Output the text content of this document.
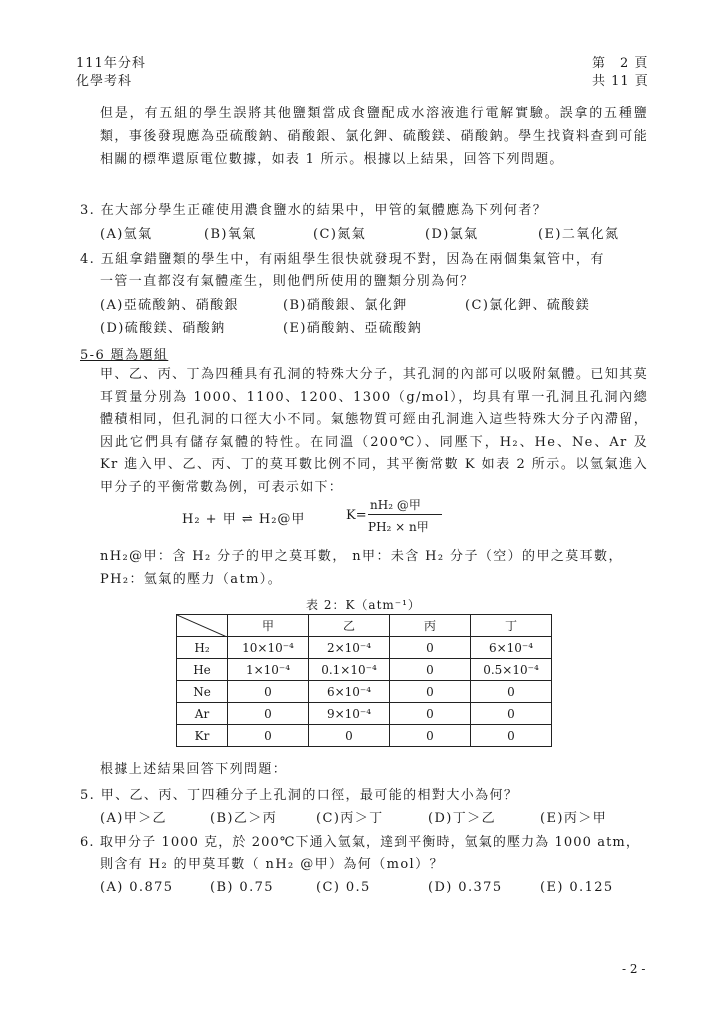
111年分科
化學考科
第　2 頁
共 11 頁
但是，有五組的學生誤將其他鹽類當成食鹽配成水溶液進行電解實驗。誤拿的五種鹽類，事後發現應為亞硫酸鈉、硝酸銀、氯化鉀、硫酸鎂、硝酸鈉。學生找資料查到可能相關的標準還原電位數據，如表 1 所示。根據以上結果，回答下列問題。
3. 在大部分學生正確使用濃食鹽水的結果中，甲管的氣體應為下列何者？
(A)氫氣	(B)氧氣	(C)氮氣	(D)氯氣	(E)二氧化氮
4. 五組拿錯鹽類的學生中，有兩組學生很快就發現不對，因為在兩個集氣管中，有
一管一直都沒有氣體產生，則他們所使用的鹽類分別為何？
(A)亞硫酸鈉、硝酸銀	(B)硝酸銀、氯化鉀	(C)氯化鉀、硫酸鎂
(D)硫酸鎂、硝酸鈉	(E)硝酸鈉、亞硫酸鈉
5-6 題為題組
甲、乙、丙、丁為四種具有孔洞的特殊大分子，其孔洞的內部可以吸附氣體。已知其莫耳質量分別為 1000、1100、1200、1300（g/mol），均具有單一孔洞且孔洞內總體積相同，但孔洞的口徑大小不同。氣態物質可經由孔洞進入這些特殊大分子內滯留，因此它們具有儲存氣體的特性。在同溫（200℃）、同壓下，H₂、He、Ne、Ar 及 Kr 進入甲、乙、丙、丁的莫耳數比例不同，其平衡常數 K 如表 2 所示。以氫氣進入甲分子的平衡常數為例，可表示如下：
H₂ + 甲 ⇌ H₂@甲	K=
nH₂ @甲
PH₂ × n甲
nH₂@甲：含 H₂ 分子的甲之莫耳數， n甲：未含 H₂ 分子（空）的甲之莫耳數，
PH₂：氫氣的壓力（atm）。
表 2：K（atm⁻¹）
	甲	乙	丙	丁
H₂	10×10⁻⁴	2×10⁻⁴	0	6×10⁻⁴
He	1×10⁻⁴	0.1×10⁻⁴	0	0.5×10⁻⁴
Ne	0	6×10⁻⁴	0	0
Ar	0	9×10⁻⁴	0	0
Kr	0	0	0	0
根據上述結果回答下列問題：
5. 甲、乙、丙、丁四種分子上孔洞的口徑，最可能的相對大小為何？
(A)甲＞乙	(B)乙＞丙	(C)丙＞丁	(D)丁＞乙	(E)丙＞甲
6. 取甲分子 1000 克，於 200℃下通入氫氣，達到平衡時，氫氣的壓力為 1000 atm，
則含有 H₂ 的甲莫耳數（ nH₂ @甲）為何（mol）？
(A) 0.875	(B) 0.75	(C) 0.5	(D) 0.375	(E) 0.125
- 2 -
